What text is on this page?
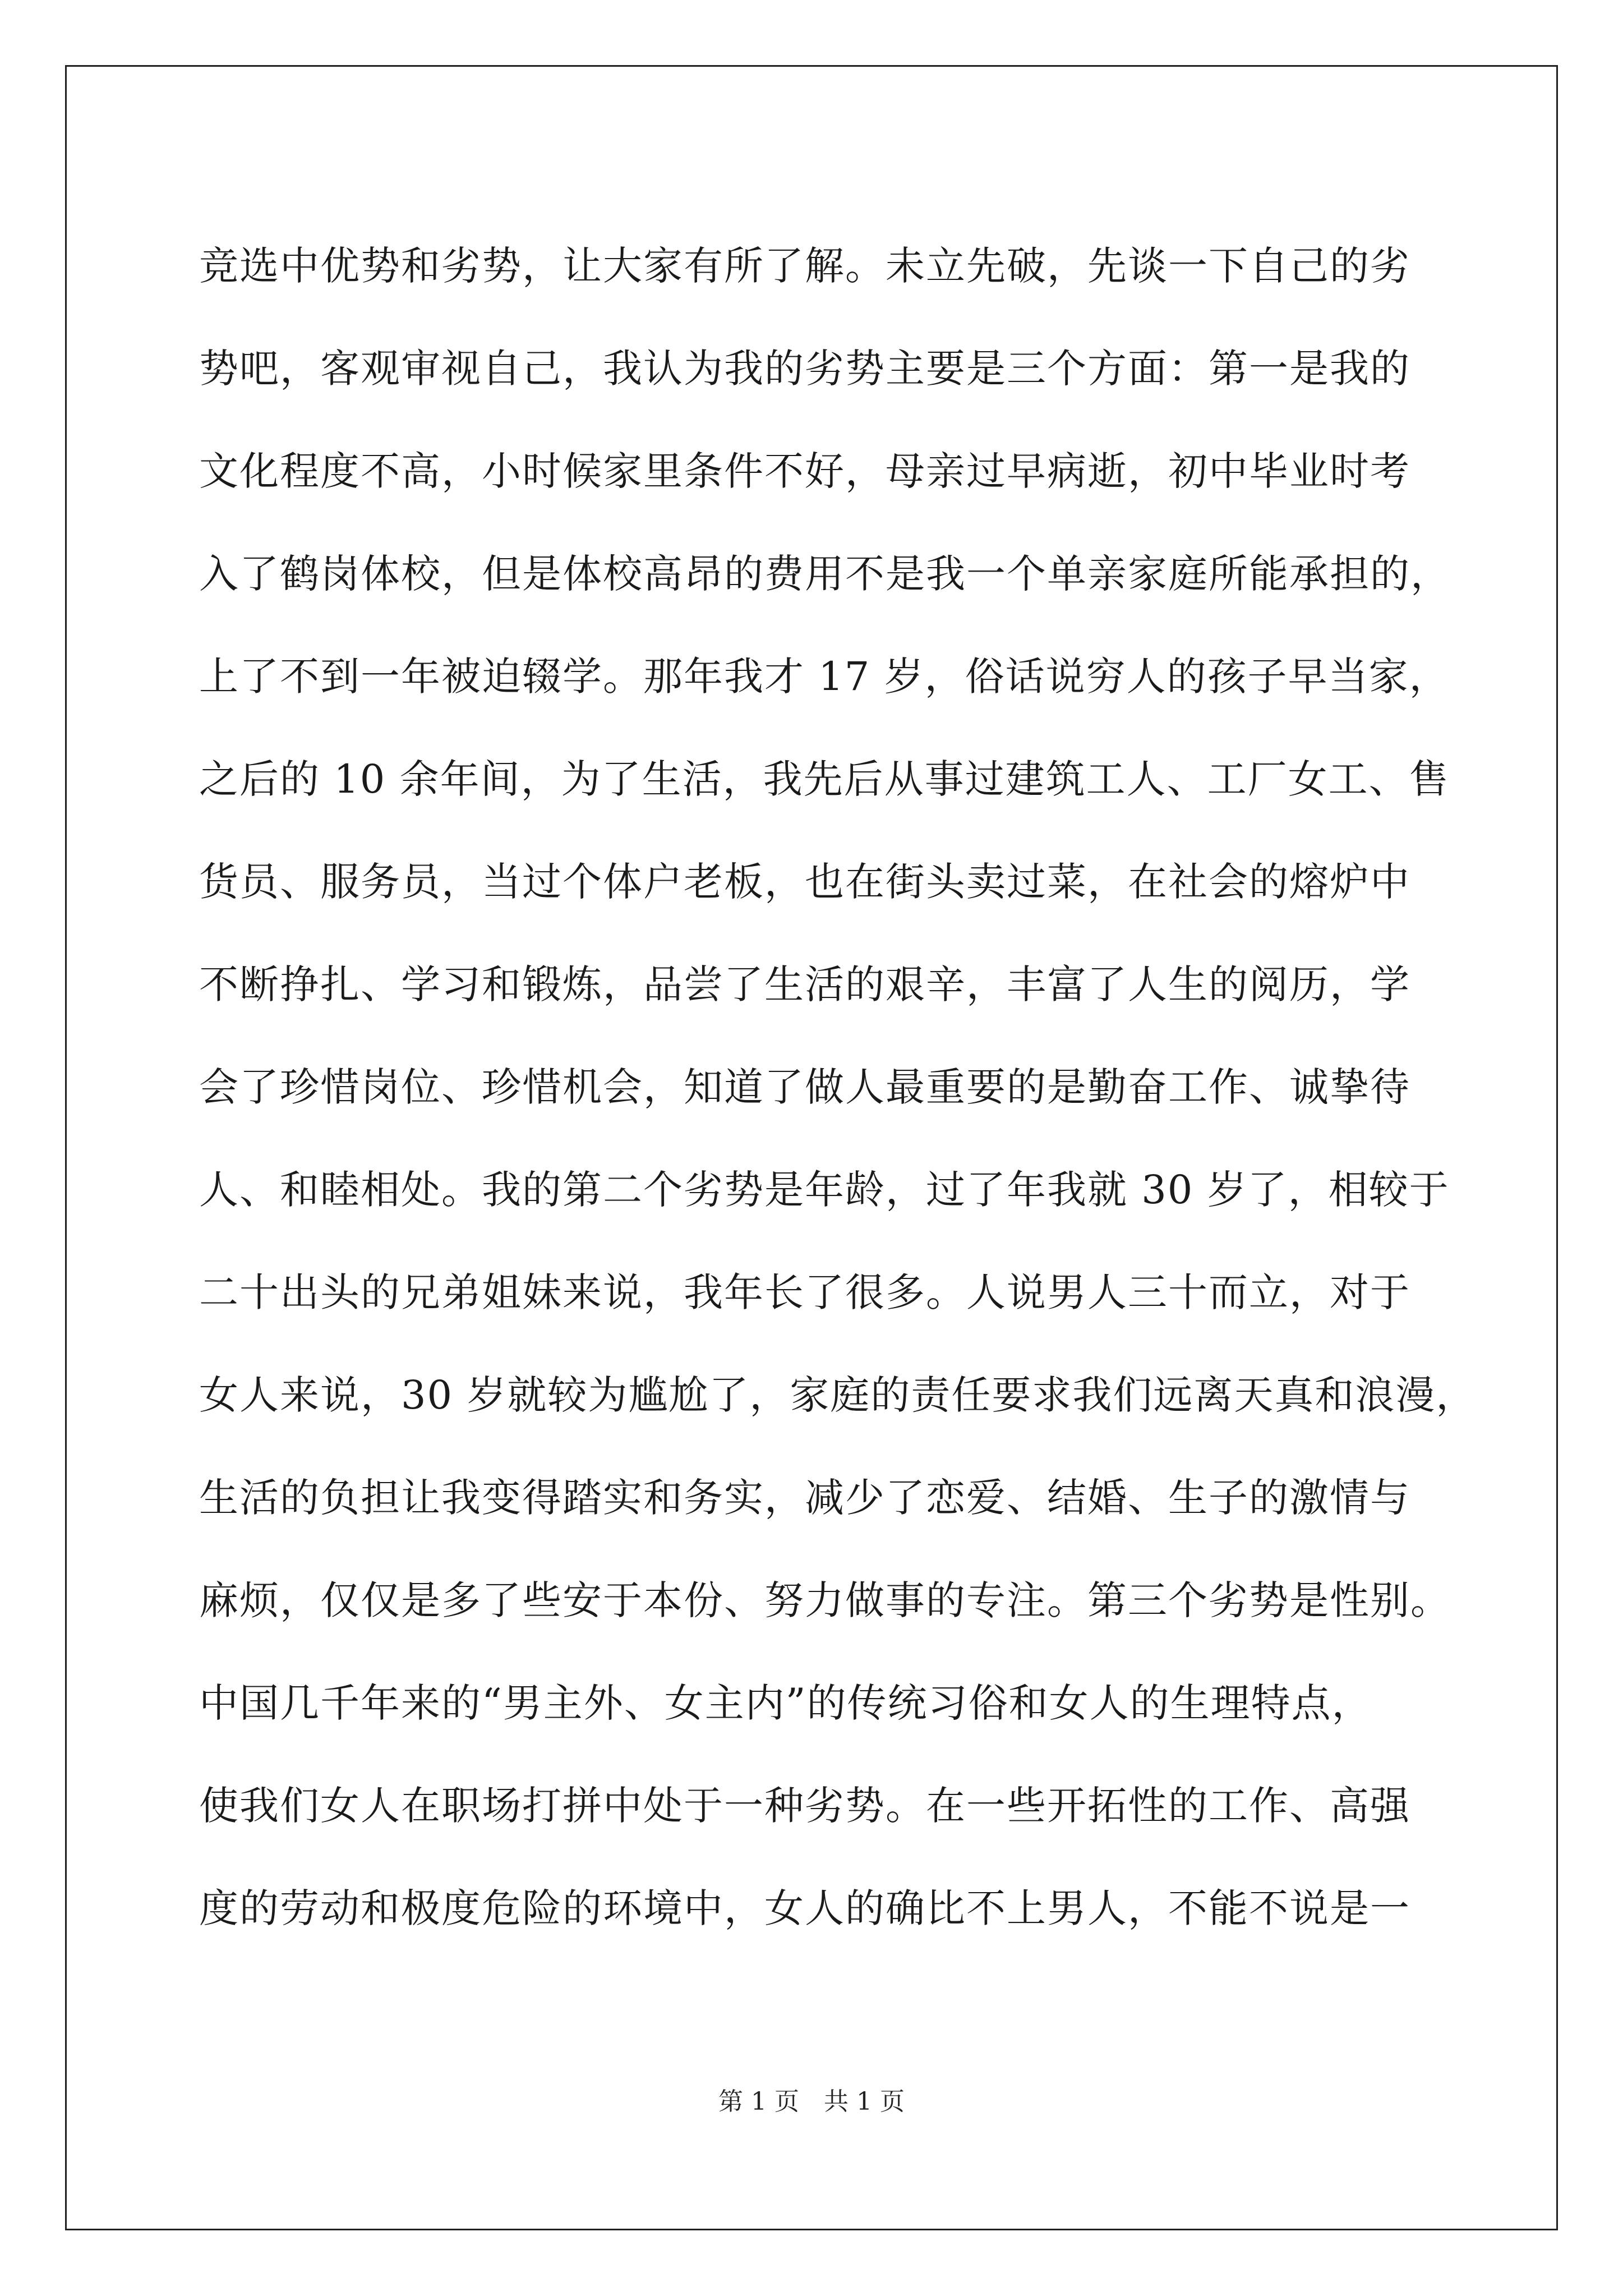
竞选中优势和劣势，让大家有所了解。未立先破，先谈一下自己的劣
势吧，客观审视自己，我认为我的劣势主要是三个方面：第一是我的
文化程度不高，小时候家里条件不好，母亲过早病逝，初中毕业时考
入了鹤岗体校，但是体校高昂的费用不是我一个单亲家庭所能承担的，
上了不到一年被迫辍学。那年我才 17 岁，俗话说穷人的孩子早当家，
之后的 10 余年间，为了生活，我先后从事过建筑工人、工厂女工、售
货员、服务员，当过个体户老板，也在街头卖过菜，在社会的熔炉中
不断挣扎、学习和锻炼，品尝了生活的艰辛，丰富了人生的阅历，学
会了珍惜岗位、珍惜机会，知道了做人最重要的是勤奋工作、诚挚待
人、和睦相处。我的第二个劣势是年龄，过了年我就 30 岁了，相较于
二十出头的兄弟姐妹来说，我年长了很多。人说男人三十而立，对于
女人来说，30 岁就较为尴尬了，家庭的责任要求我们远离天真和浪漫，
生活的负担让我变得踏实和务实，减少了恋爱、结婚、生子的激情与
麻烦，仅仅是多了些安于本份、努力做事的专注。第三个劣势是性别。
中国几千年来的“男主外、女主内”的传统习俗和女人的生理特点，
使我们女人在职场打拼中处于一种劣势。在一些开拓性的工作、高强
度的劳动和极度危险的环境中，女人的确比不上男人，不能不说是一
第 1 页　共 1 页
